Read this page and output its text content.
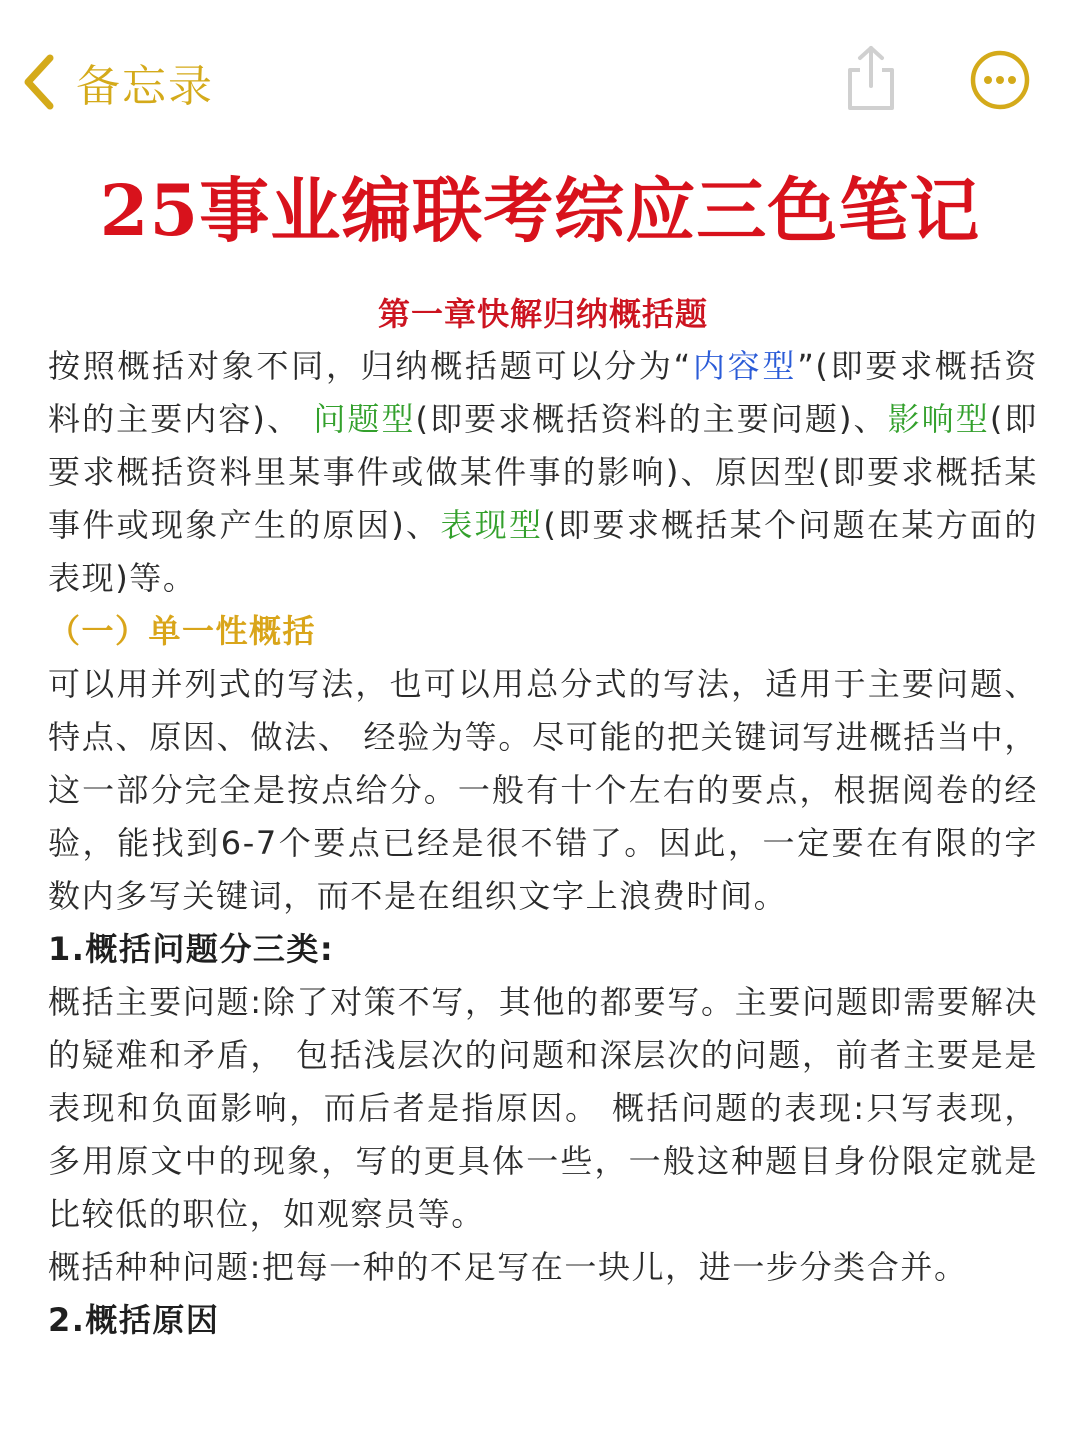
备忘录
25事业编联考综应三色笔记

第一章快解归纳概括题

按照概括对象不同，归纳概括题可以分为“内容型”(即要求概括资料的主要内容)、 问题型(即要求概括资料的主要问题)、影响型(即要求概括资料里某事件或做某件事的影响)、原因型(即要求概括某事件或现象产生的原因)、表现型(即要求概括某个问题在某方面的表现)等。

（一）单一性概括

可以用并列式的写法，也可以用总分式的写法，适用于主要问题、特点、原因、做法、 经验为等。尽可能的把关键词写进概括当中，这一部分完全是按点给分。一般有十个左右的要点，根据阅卷的经验，能找到6-7个要点已经是很不错了。因此，一定要在有限的字数内多写关键词，而不是在组织文字上浪费时间。

1.概括问题分三类:

概括主要问题:除了对策不写，其他的都要写。主要问题即需要解决的疑难和矛盾， 包括浅层次的问题和深层次的问题，前者主要是是表现和负面影响，而后者是指原因。 概括问题的表现:只写表现，多用原文中的现象，写的更具体一些，一般这种题目身份限定就是比较低的职位，如观察员等。

概括种种问题:把每一种的不足写在一块儿，进一步分类合并。

2.概括原因
